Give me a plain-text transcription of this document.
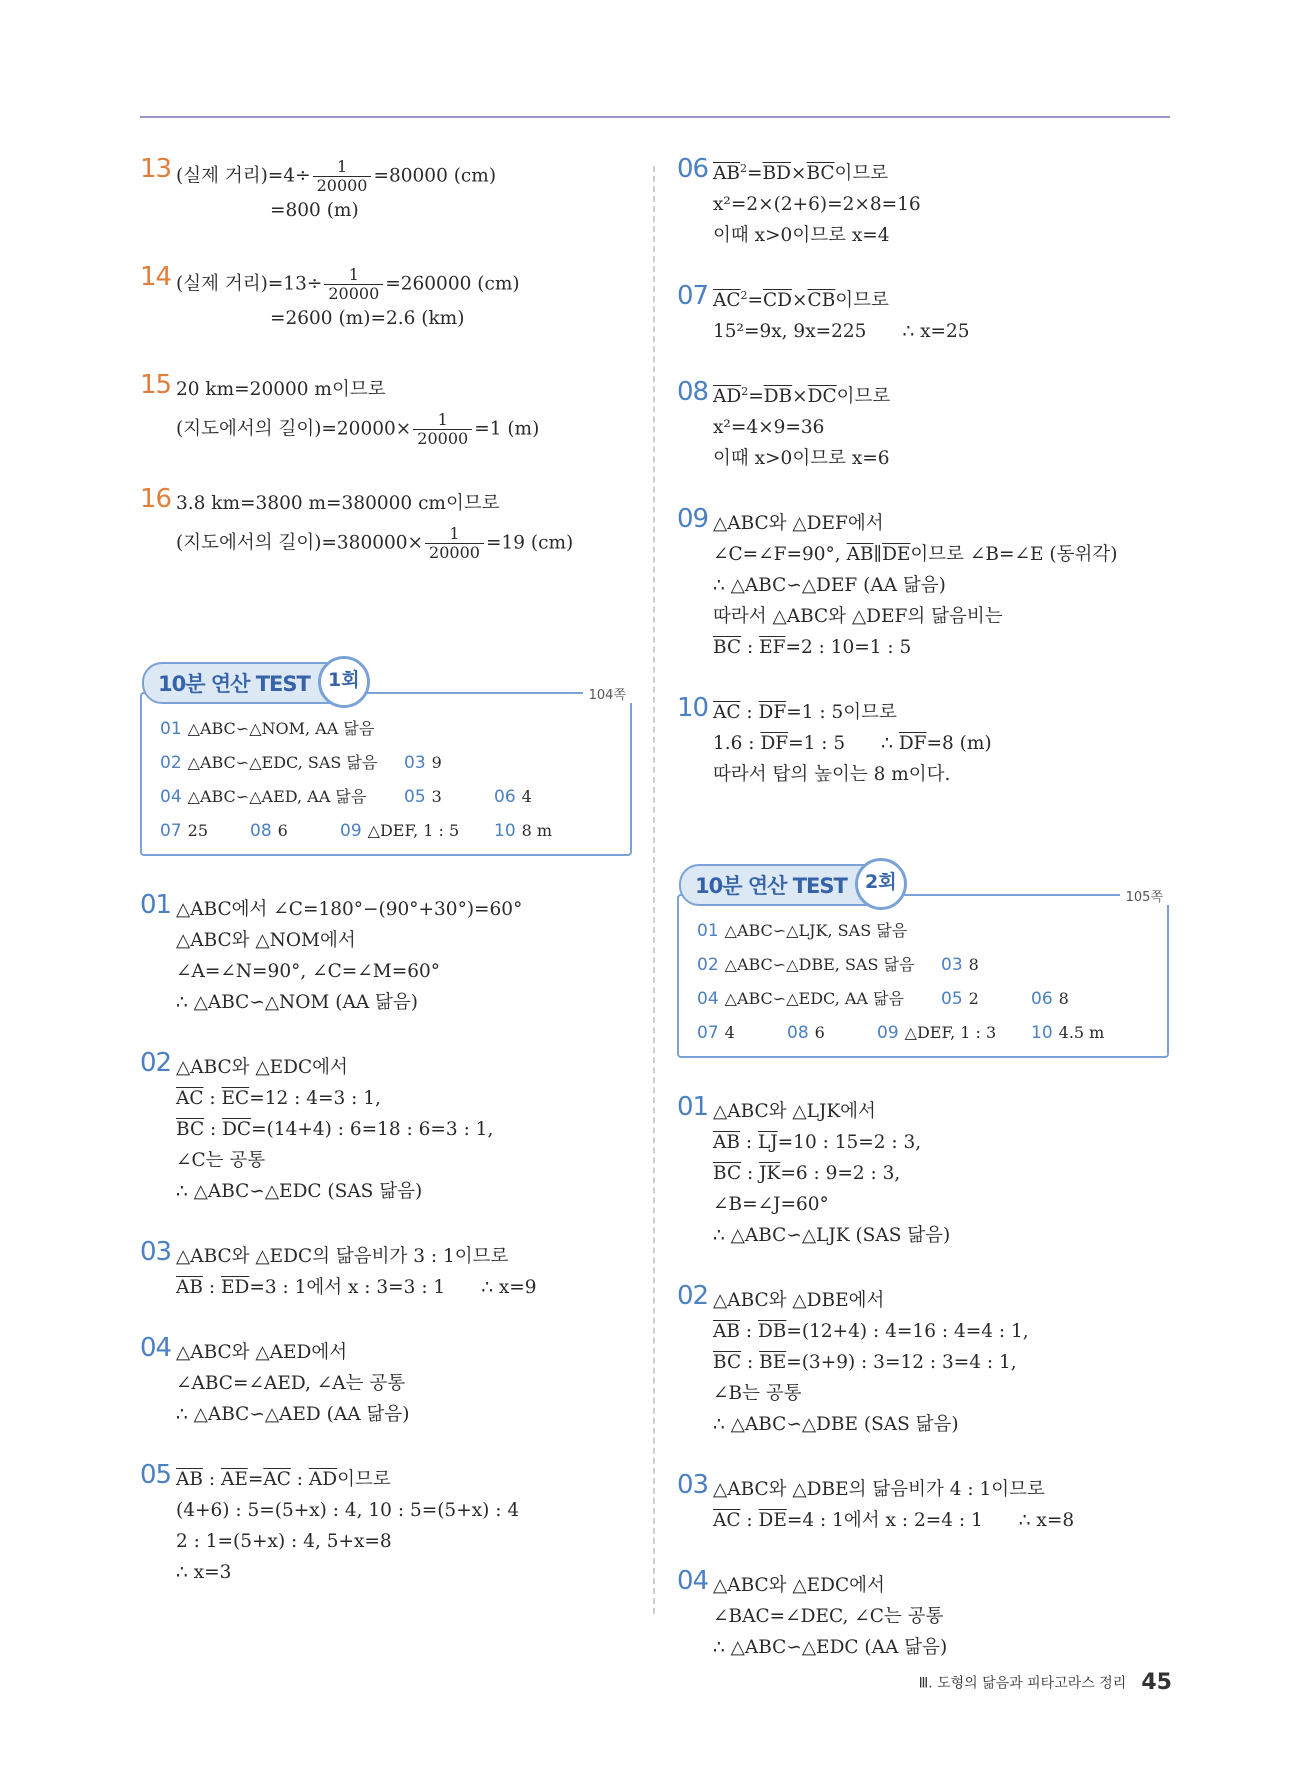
13 (실제 거리)$=4\div \frac{1}{20000} =80000$ (cm)
=800 (m)
14 (실제 거리)$=13\div \frac{1}{20000} =260000$ (cm)
=2600 (m)=2.6 (km)
15 20 km=20000 m이므로
(지도에서의 길이)$=20000\times \frac{1}{20000} =1$ (m)
16 3.8 km=3800 m=380000 cm이므로
(지도에서의 길이)$=380000\times \frac{1}{20000} =19$ (cm)
10분 연산 TEST 1회
104쪽
01 △ABC∽△NOM, AA 닮음
02 △ABC∽△EDC, SAS 닮음	03 9
04 △ABC∽△AED, AA 닮음	05 3	06 4
07 25	08 6	09 △DEF, 1 : 5	10 8 m
01 △ABC에서 ∠C=180°−(90°+30°)=60°
△ABC와 △NOM에서
∠A=∠N=90°, ∠C=∠M=60°
∴ △ABC∽△NOM (AA 닮음)
02 △ABC와 △EDC에서
$\overline{AC}$ : $\overline{EC}=12$ : 4=3 : 1,
$\overline{BC}$ : $\overline{DC}=(14+4)$ : 6=18 : 6=3 : 1,
∠C는 공통
∴ △ABC∽△EDC (SAS 닮음)
03 △ABC와 △EDC의 닮음비가 3 : 1이므로
$\overline{AB}$ : $\overline{ED}=3$ : 1에서 x : 3=3 : 1 ∴ x=9
04 △ABC와 △AED에서
∠ABC=∠AED, ∠A는 공통
∴ △ABC∽△AED (AA 닮음)
05 $\overline{AB}$ : $\overline{AE}=\overline{AC}$ : $\overline{AD}$이므로
(4+6) : 5=(5+x) : 4, 10 : 5=(5+x) : 4
2 : 1=(5+x) : 4, 5+x=8
∴ x=3
06 $\overline{AB}^2=\overline{BD}\times\overline{BC}$이므로
x²=2×(2+6)=2×8=16
이때 x>0이므로 x=4
07 $\overline{AC}^2=\overline{CD}\times\overline{CB}$이므로
15²=9x, 9x=225 ∴ x=25
08 $\overline{AD}^2=\overline{DB}\times\overline{DC}$이므로
x²=4×9=36
이때 x>0이므로 x=6
09 △ABC와 △DEF에서
∠C=∠F=90°, $\overline{AB}\parallel\overline{DE}$이므로 ∠B=∠E (동위각)
∴ △ABC∽△DEF (AA 닮음)
따라서 △ABC와 △DEF의 닮음비는
$\overline{BC}$ : $\overline{EF}=2$ : 10=1 : 5
10 $\overline{AC}$ : $\overline{DF}=1$ : 5이므로
1.6 : $\overline{DF}=1$ : 5 ∴ $\overline{DF}=8$ (m)
따라서 탑의 높이는 8 m이다.
10분 연산 TEST 2회
105쪽
01 △ABC∽△LJK, SAS 닮음
02 △ABC∽△DBE, SAS 닮음	03 8
04 △ABC∽△EDC, AA 닮음	05 2	06 8
07 4	08 6	09 △DEF, 1 : 3	10 4.5 m
01 △ABC와 △LJK에서
$\overline{AB}$ : $\overline{LJ}=10$ : 15=2 : 3,
$\overline{BC}$ : $\overline{JK}=6$ : 9=2 : 3,
∠B=∠J=60°
∴ △ABC∽△LJK (SAS 닮음)
02 △ABC와 △DBE에서
$\overline{AB}$ : $\overline{DB}=(12+4)$ : 4=16 : 4=4 : 1,
$\overline{BC}$ : $\overline{BE}=(3+9)$ : 3=12 : 3=4 : 1,
∠B는 공통
∴ △ABC∽△DBE (SAS 닮음)
03 △ABC와 △DBE의 닮음비가 4 : 1이므로
$\overline{AC}$ : $\overline{DE}=4$ : 1에서 x : 2=4 : 1 ∴ x=8
04 △ABC와 △EDC에서
∠BAC=∠DEC, ∠C는 공통
∴ △ABC∽△EDC (AA 닮음)
Ⅲ. 도형의 닮음과 피타고라스 정리 45
